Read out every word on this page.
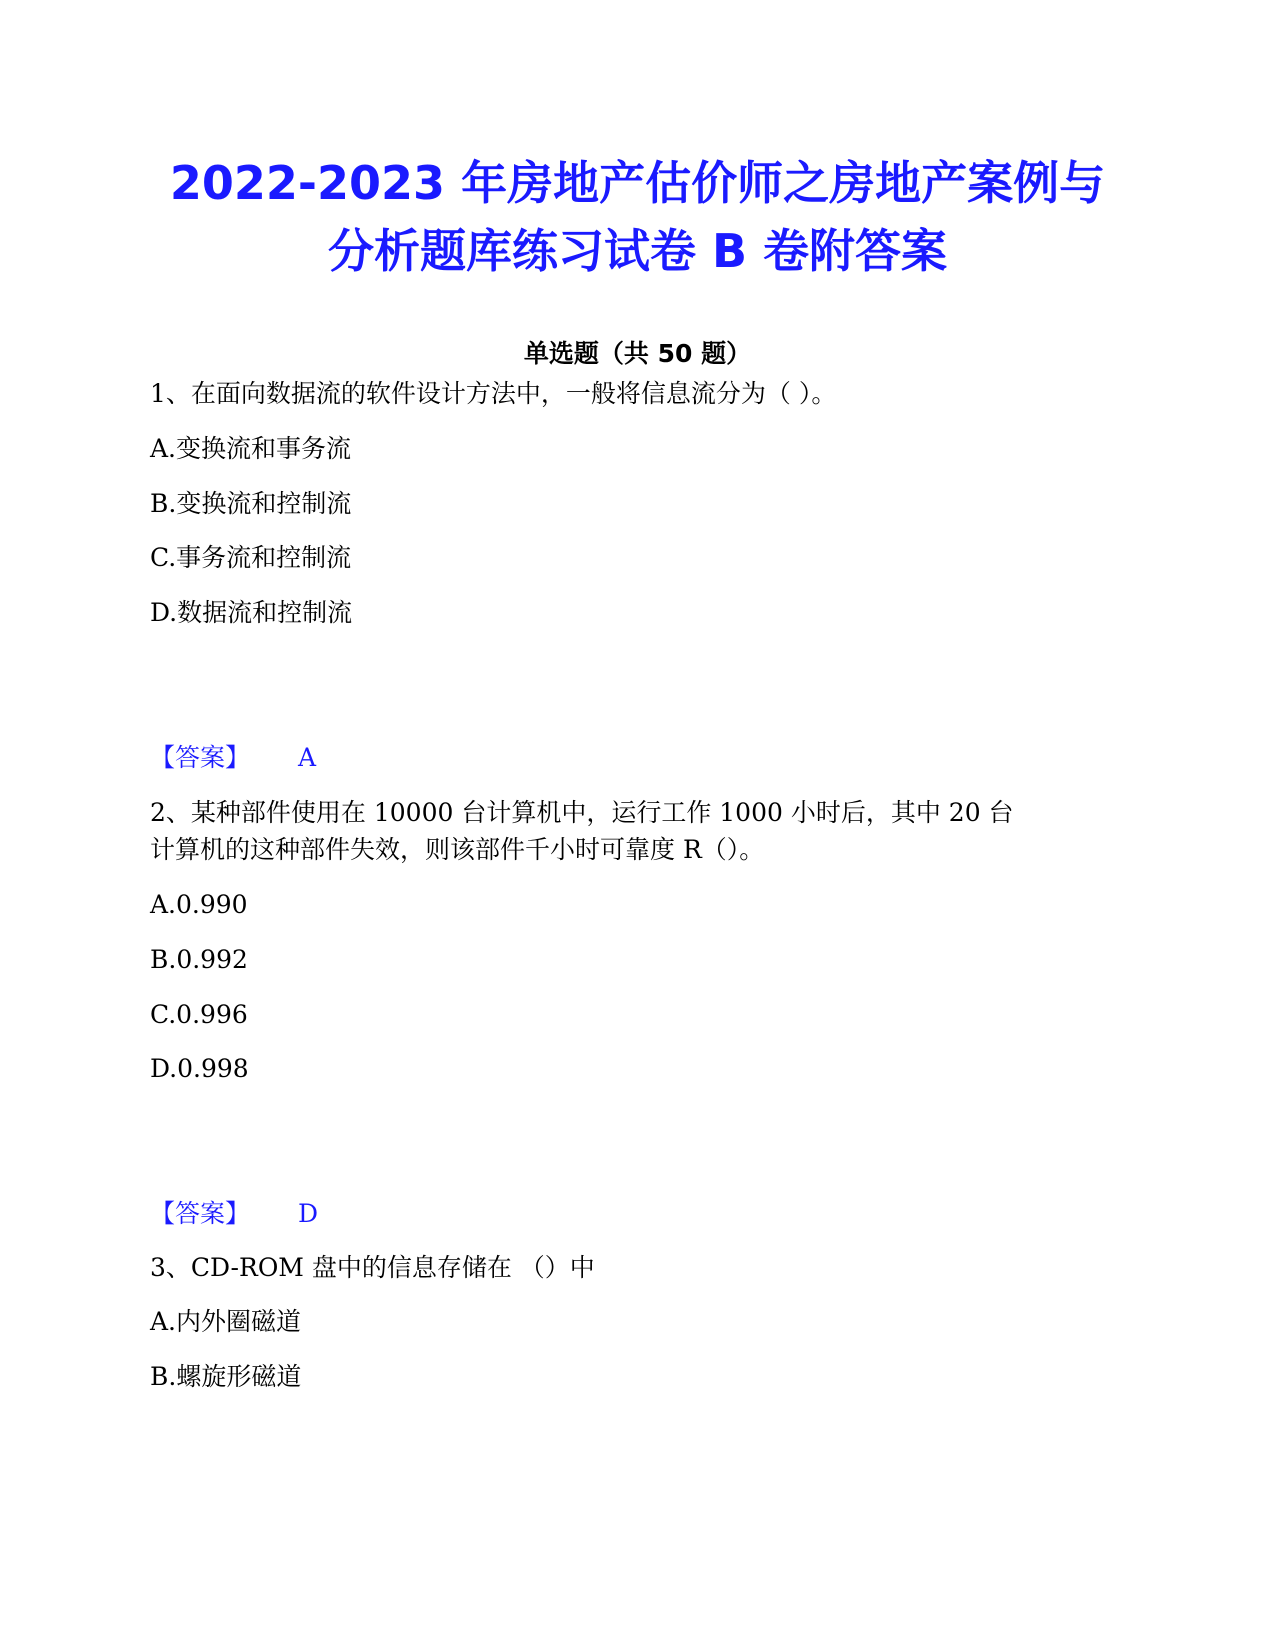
2022-2023 年房地产估价师之房地产案例与
分析题库练习试卷 B 卷附答案
单选题（共 50 题）
1、在面向数据流的软件设计方法中，一般将信息流分为（ ）。
A.变换流和事务流
B.变换流和控制流
C.事务流和控制流
D.数据流和控制流
【答案】 A
2、某种部件使用在 10000 台计算机中，运行工作 1000 小时后，其中 20 台
计算机的这种部件失效，则该部件千小时可靠度 R（）。
A.0.990
B.0.992
C.0.996
D.0.998
【答案】 D
3、CD-ROM 盘中的信息存储在 （）中
A.内外圈磁道
B.螺旋形磁道
